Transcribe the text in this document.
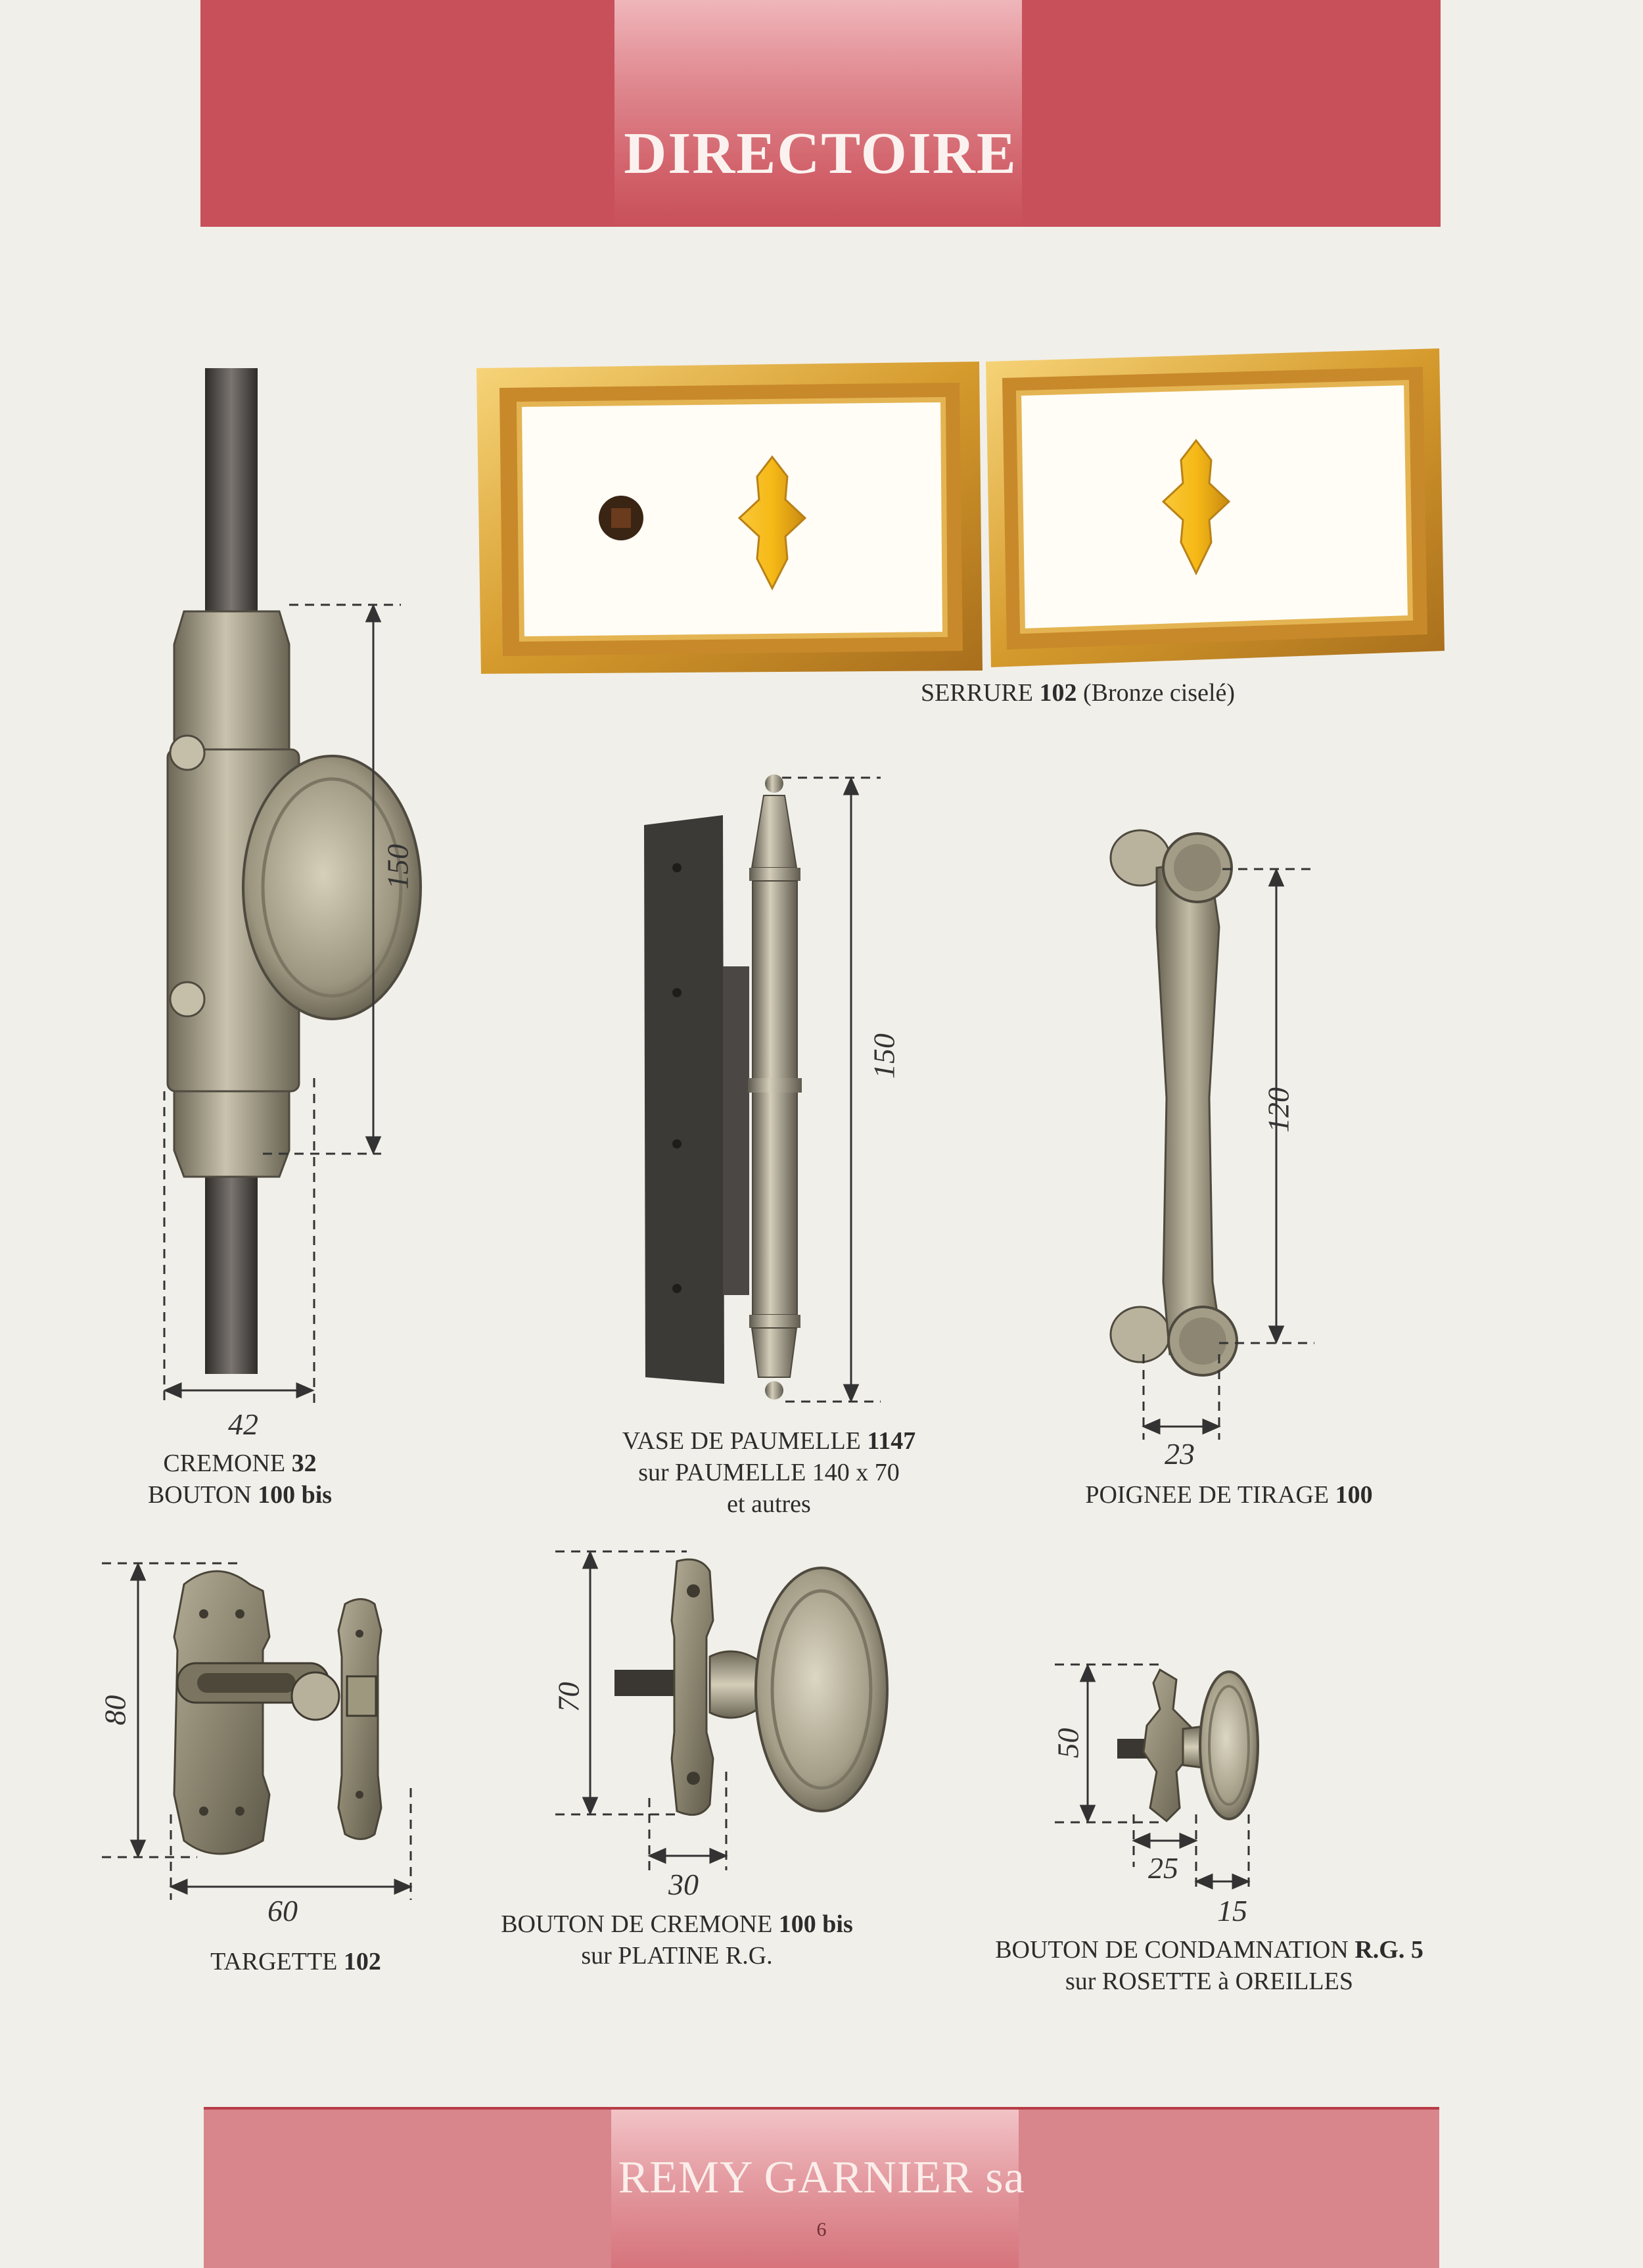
DIRECTOIRE
SERRURE 102 (Bronze ciselé)
150
42
CREMONE 32
BOUTON 100 bis
150
VASE DE PAUMELLE 1147
sur PAUMELLE 140 x 70
et autres
120
23
POIGNEE DE TIRAGE 100
80
60
TARGETTE 102
70
30
BOUTON DE CREMONE 100 bis
sur PLATINE R.G.
50
25
15
BOUTON DE CONDAMNATION R.G. 5
sur ROSETTE à OREILLES
REMY GARNIER sa
6
